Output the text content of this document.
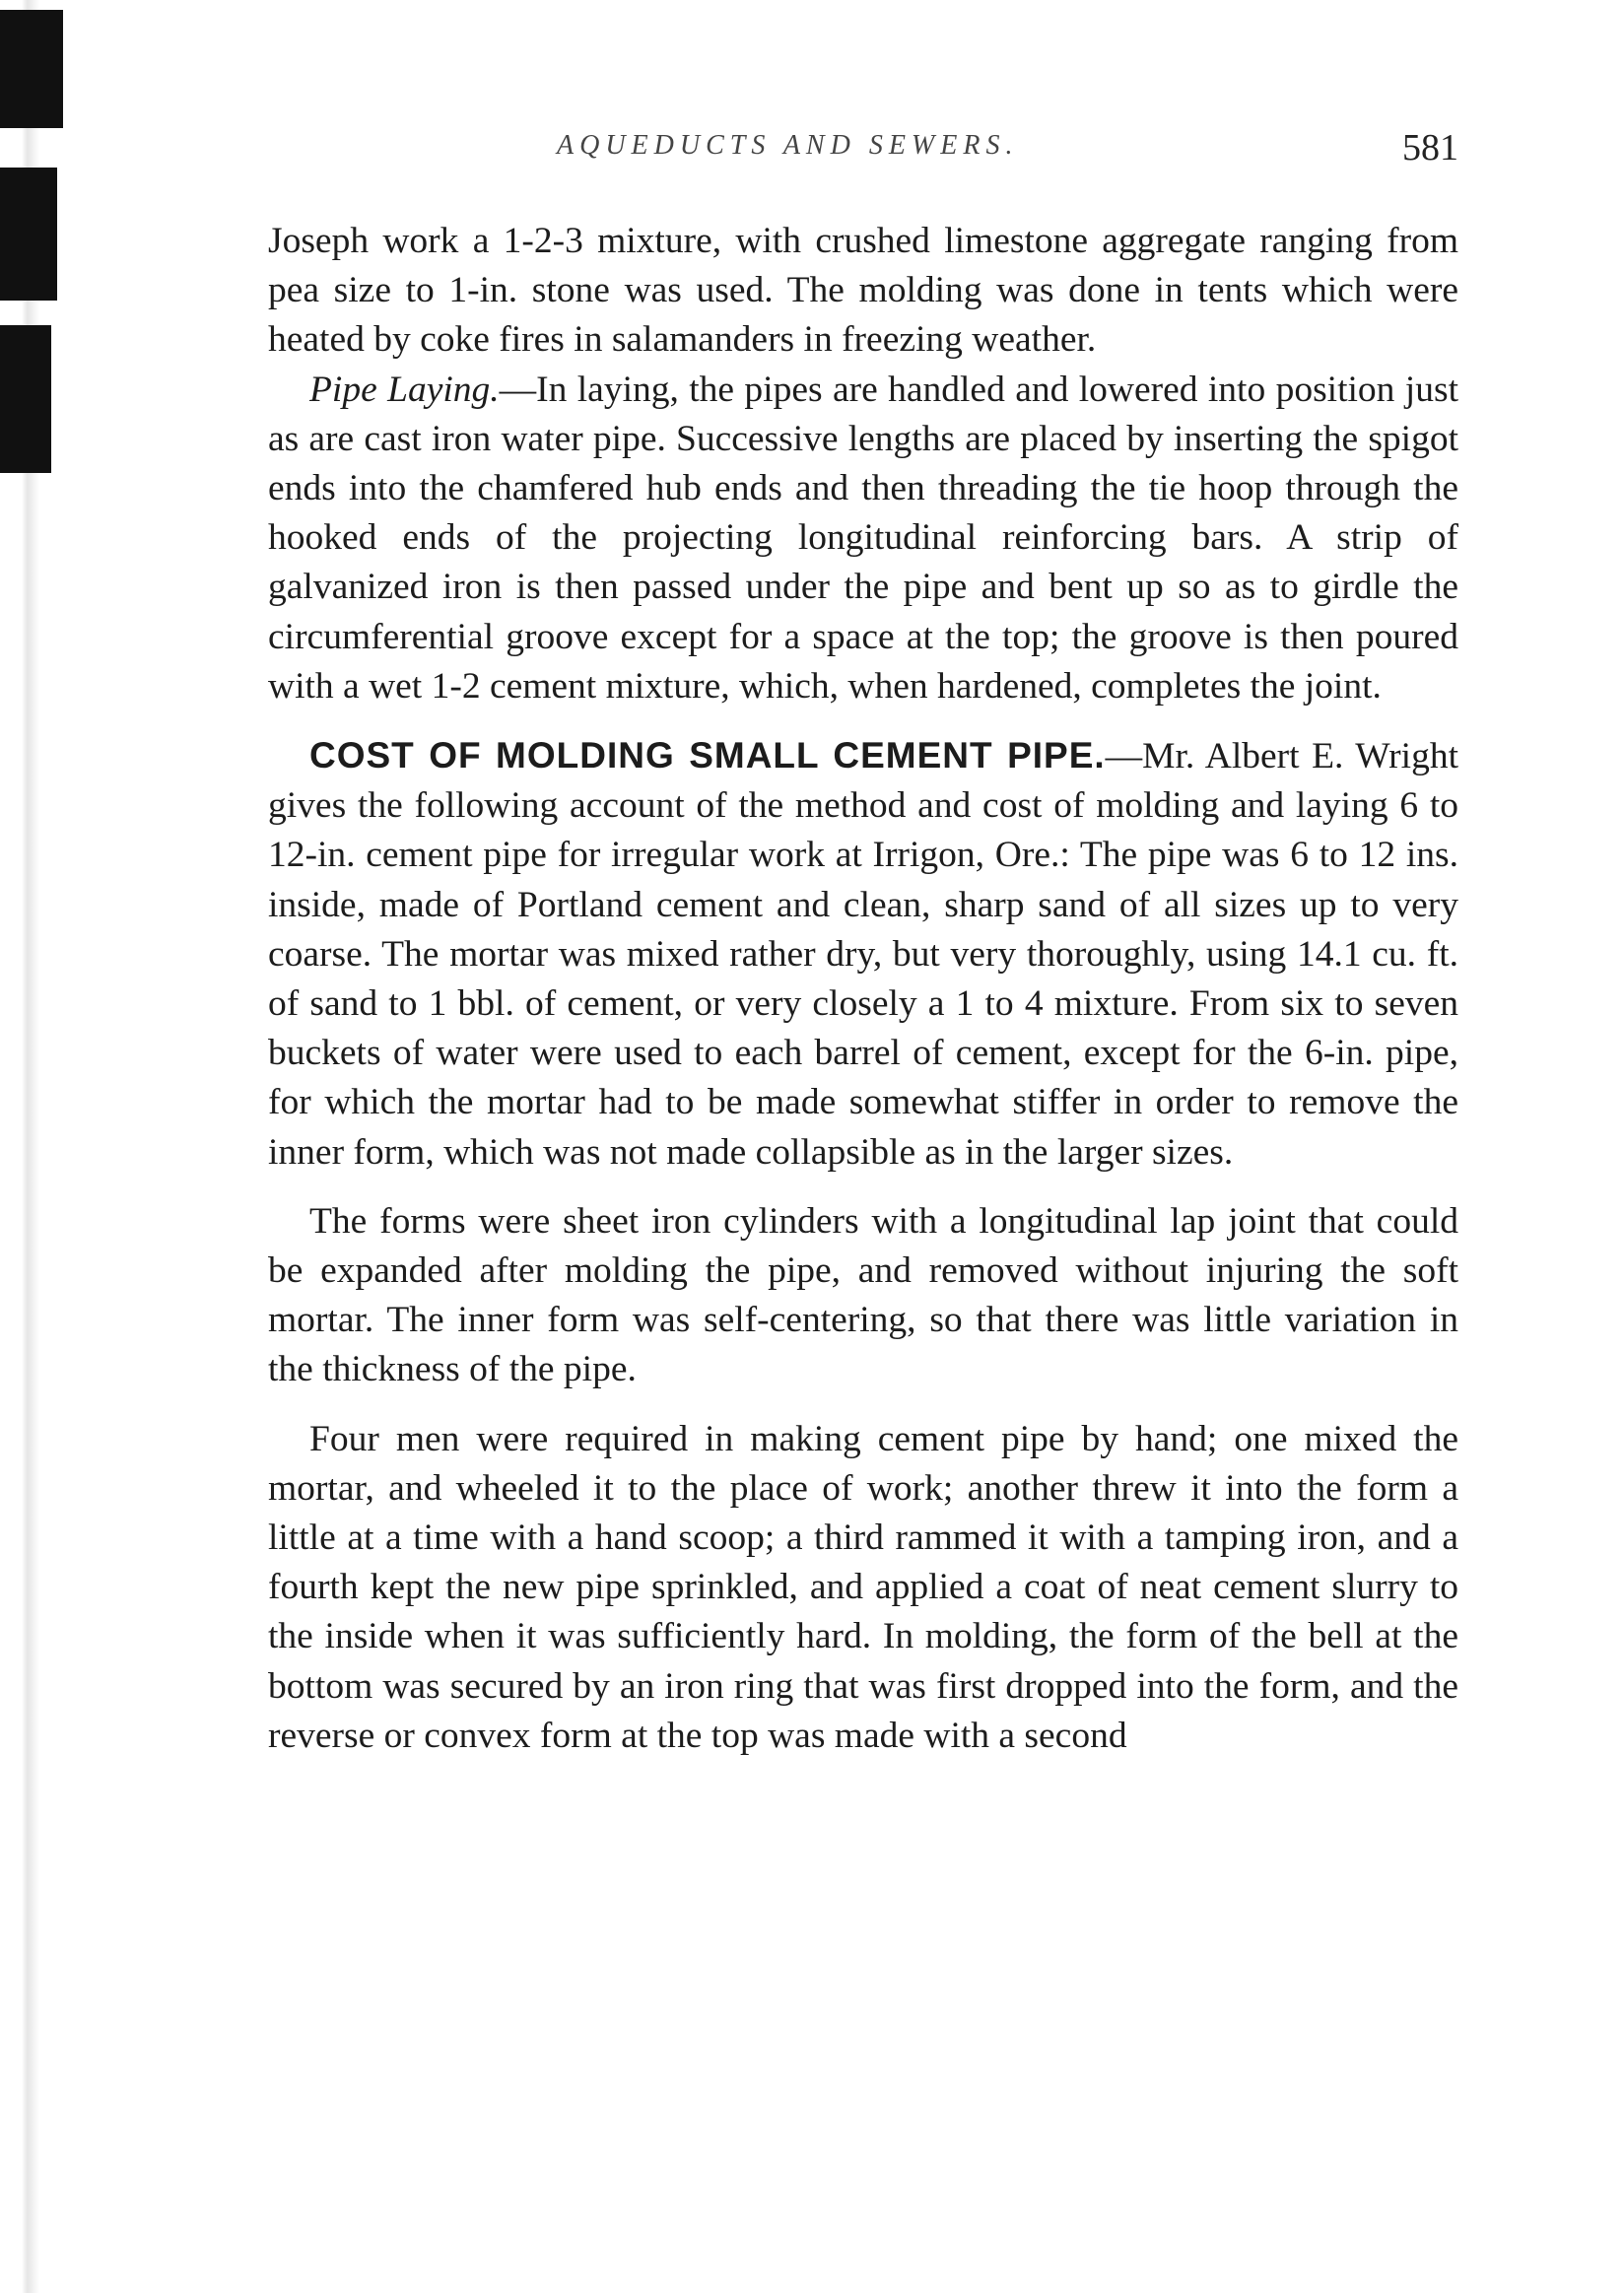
AQUEDUCTS AND SEWERS.	581

Joseph work a 1-2-3 mixture, with crushed limestone aggregate ranging from pea size to 1-in. stone was used. The molding was done in tents which were heated by coke fires in salamanders in freezing weather.

Pipe Laying.—In laying, the pipes are handled and lowered into position just as are cast iron water pipe. Successive lengths are placed by inserting the spigot ends into the chamfered hub ends and then threading the tie hoop through the hooked ends of the projecting longitudinal reinforcing bars. A strip of galvanized iron is then passed under the pipe and bent up so as to girdle the circumferential groove except for a space at the top; the groove is then poured with a wet 1-2 cement mixture, which, when hardened, completes the joint.

COST OF MOLDING SMALL CEMENT PIPE.—Mr. Albert E. Wright gives the following account of the method and cost of molding and laying 6 to 12-in. cement pipe for irregular work at Irrigon, Ore.: The pipe was 6 to 12 ins. inside, made of Portland cement and clean, sharp sand of all sizes up to very coarse. The mortar was mixed rather dry, but very thoroughly, using 14.1 cu. ft. of sand to 1 bbl. of cement, or very closely a 1 to 4 mixture. From six to seven buckets of water were used to each barrel of cement, except for the 6-in. pipe, for which the mortar had to be made somewhat stiffer in order to remove the inner form, which was not made collapsible as in the larger sizes.

The forms were sheet iron cylinders with a longitudinal lap joint that could be expanded after molding the pipe, and removed without injuring the soft mortar. The inner form was self-centering, so that there was little variation in the thickness of the pipe.

Four men were required in making cement pipe by hand; one mixed the mortar, and wheeled it to the place of work; another threw it into the form a little at a time with a hand scoop; a third rammed it with a tamping iron, and a fourth kept the new pipe sprinkled, and applied a coat of neat cement slurry to the inside when it was sufficiently hard. In molding, the form of the bell at the bottom was secured by an iron ring that was first dropped into the form, and the reverse or convex form at the top was made with a second
